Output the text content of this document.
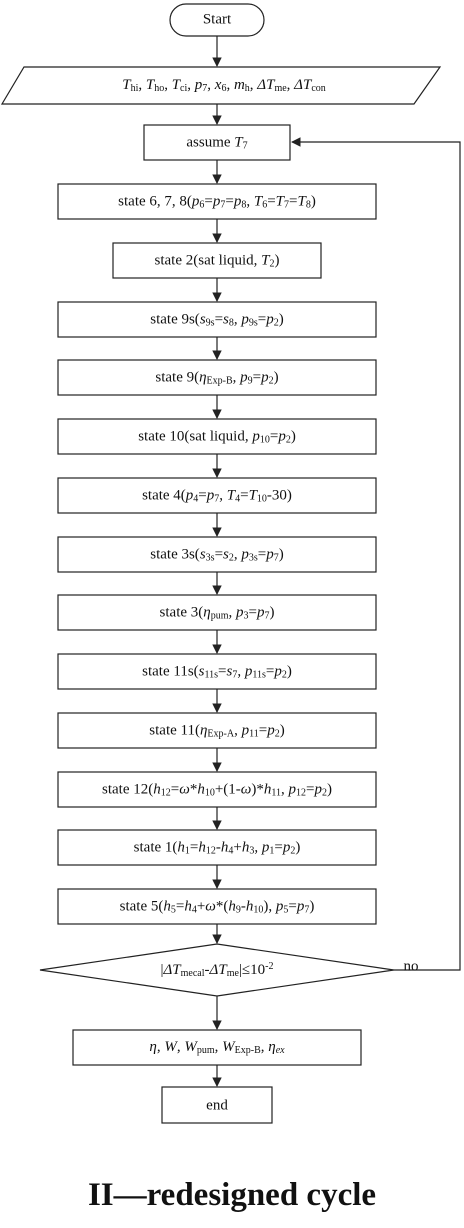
Start
Thi, Tho, Tci, p7, x6, mh, ΔTme, ΔTcon
assume T7
state 6, 7, 8(p6=p7=p8, T6=T7=T8)
state 2(sat liquid, T2)
state 9s(s9s=s8, p9s=p2)
state 9(ηExp-B, p9=p2)
state 10(sat liquid, p10=p2)
state 4(p4=p7, T4=T10-30)
state 3s(s3s=s2, p3s=p7)
state 3(ηpum, p3=p7)
state 11s(s11s=s7, p11s=p2)
state 11(ηExp-A, p11=p2)
state 12(h12=ω*h10+(1-ω)*h11, p12=p2)
state 1(h1=h12-h4+h3, p1=p2)
state 5(h5=h4+ω*(h9-h10), p5=p7)
|ΔTmecal-ΔTme|≤10-2	no
η, W, Wpum, WExp-B, ηex
end
II—redesigned cycle
